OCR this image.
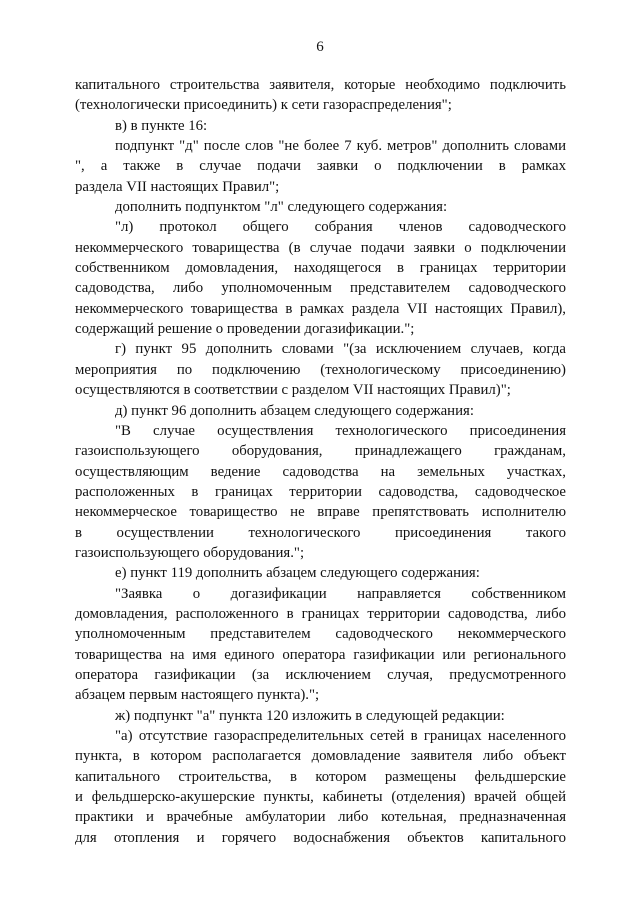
6
капитального строительства заявителя, которые необходимо подключить
(технологически присоединить) к сети газораспределения";
в) в пункте 16:
подпункт "д" после слов "не более 7 куб. метров" дополнить словами
", а также в случае подачи заявки о подключении в рамках
раздела VII настоящих Правил";
дополнить подпунктом "л" следующего содержания:
"л) протокол общего собрания членов садоводческого
некоммерческого товарищества (в случае подачи заявки о подключении
собственником домовладения, находящегося в границах территории
садоводства, либо уполномоченным представителем садоводческого
некоммерческого товарищества в рамках раздела VII настоящих Правил),
содержащий решение о проведении догазификации.";
г) пункт 95 дополнить словами "(за исключением случаев, когда
мероприятия по подключению (технологическому присоединению)
осуществляются в соответствии с разделом VII настоящих Правил)";
д) пункт 96 дополнить абзацем следующего содержания:
"В случае осуществления технологического присоединения
газоиспользующего оборудования, принадлежащего гражданам,
осуществляющим ведение садоводства на земельных участках,
расположенных в границах территории садоводства, садоводческое
некоммерческое товарищество не вправе препятствовать исполнителю
в осуществлении технологического присоединения такого
газоиспользующего оборудования.";
е) пункт 119 дополнить абзацем следующего содержания:
"Заявка о догазификации направляется собственником
домовладения, расположенного в границах территории садоводства, либо
уполномоченным представителем садоводческого некоммерческого
товарищества на имя единого оператора газификации или регионального
оператора газификации (за исключением случая, предусмотренного
абзацем первым настоящего пункта).";
ж) подпункт "а" пункта 120 изложить в следующей редакции:
"а) отсутствие газораспределительных сетей в границах населенного
пункта, в котором располагается домовладение заявителя либо объект
капитального строительства, в котором размещены фельдшерские
и фельдшерско-акушерские пункты, кабинеты (отделения) врачей общей
практики и врачебные амбулатории либо котельная, предназначенная
для отопления и горячего водоснабжения объектов капитального
